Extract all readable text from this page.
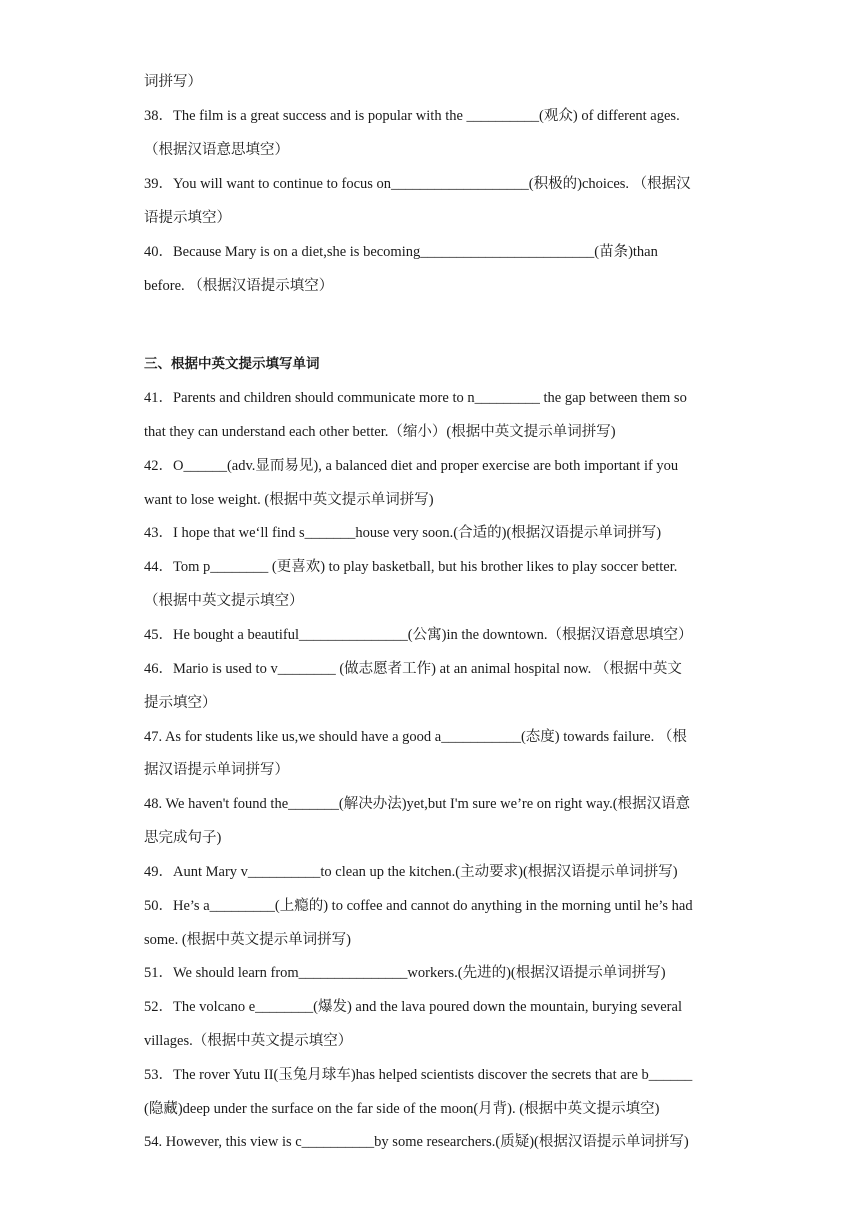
词拼写）
38．The film is a great success and is popular with the __________(观众) of different ages.
（根据汉语意思填空）
39．You will want to continue to focus on___________________(积极的)choices. （根据汉
语提示填空）
40．Because Mary is on a diet,she is becoming________________________(苗条)than
before. （根据汉语提示填空）
三、根据中英文提示填写单词
41．Parents and children should communicate more to n_________ the gap between them so
that they can understand each other better.（缩小）(根据中英文提示单词拼写)
42．O______(adv.显而易见), a balanced diet and proper exercise are both important if you
want to lose weight. (根据中英文提示单词拼写)
43．I hope that we‘ll find s_______house very soon.(合适的)(根据汉语提示单词拼写)
44．Tom p________ (更喜欢) to play basketball, but his brother likes to play soccer better.
（根据中英文提示填空）
45．He bought a beautiful_______________(公寓)in the downtown.（根据汉语意思填空）
46．Mario is used to v________ (做志愿者工作) at an animal hospital now. （根据中英文
提示填空）
47. As for students like us,we should have a good a___________(态度) towards failure. （根
据汉语提示单词拼写）
48. We haven't found the_______(解决办法)yet,but I'm sure we’re on right way.(根据汉语意
思完成句子)
49．Aunt Mary v__________to clean up the kitchen.(主动要求)(根据汉语提示单词拼写)
50．He’s a_________(上瘾的) to coffee and cannot do anything in the morning until he’s had
some. (根据中英文提示单词拼写)
51．We should learn from_______________workers.(先进的)(根据汉语提示单词拼写)
52．The volcano e________(爆发) and the lava poured down the mountain, burying several
villages.（根据中英文提示填空）
53．The rover Yutu II(玉兔月球车)has helped scientists discover the secrets that are b______
(隐藏)deep under the surface on the far side of the moon(月背). (根据中英文提示填空)
54. However, this view is c__________by some researchers.(质疑)(根据汉语提示单词拼写)
